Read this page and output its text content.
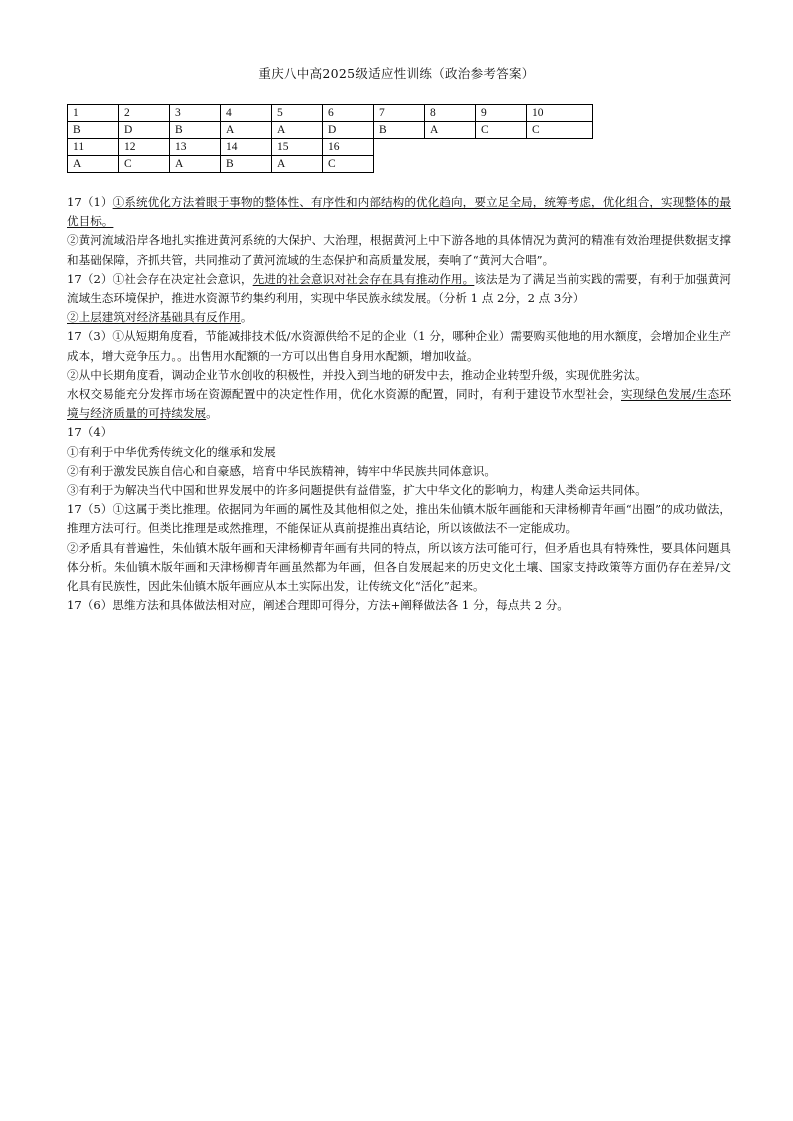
重庆八中高2025级适应性训练（政治参考答案）
1	2	3	4	5	6	7	8	9	10
B	D	B	A	A	D	B	A	C	C
11	12	13	14	15	16				
A	C	A	B	A	C				

17（1）①系统优化方法着眼于事物的整体性、有序性和内部结构的优化趋向，要立足全局，统筹考虑，优化组合，实现整体的最优目标。

②黄河流域沿岸各地扎实推进黄河系统的大保护、大治理，根据黄河上中下游各地的具体情况为黄河的精准有效治理提供数据支撑和基础保障，齐抓共管，共同推动了黄河流域的生态保护和高质量发展，奏响了“黄河大合唱”。

17（2）①社会存在决定社会意识，先进的社会意识对社会存在具有推动作用。该法是为了满足当前实践的需要，有利于加强黄河流域生态环境保护，推进水资源节约集约利用，实现中华民族永续发展。（分析 1 点 2分，2 点 3分）

②上层建筑对经济基础具有反作用。

17（3）①从短期角度看，节能减排技术低/水资源供给不足的企业（1 分，哪种企业）需要购买他地的用水额度，会增加企业生产成本，增大竞争压力。。出售用水配额的一方可以出售自身用水配额，增加收益。

②从中长期角度看，调动企业节水创收的积极性，并投入到当地的研发中去，推动企业转型升级，实现优胜劣汰。

水权交易能充分发挥市场在资源配置中的决定性作用，优化水资源的配置，同时，有利于建设节水型社会，实现绿色发展/生态环境与经济质量的可持续发展。

17（4）

①有利于中华优秀传统文化的继承和发展

②有利于激发民族自信心和自豪感，培育中华民族精神，铸牢中华民族共同体意识。

③有利于为解决当代中国和世界发展中的许多问题提供有益借鉴，扩大中华文化的影响力，构建人类命运共同体。

17（5）①这属于类比推理。依据同为年画的属性及其他相似之处，推出朱仙镇木版年画能和天津杨柳青年画“出圈”的成功做法，推理方法可行。但类比推理是或然推理，不能保证从真前提推出真结论，所以该做法不一定能成功。

②矛盾具有普遍性，朱仙镇木版年画和天津杨柳青年画有共同的特点，所以该方法可能可行，但矛盾也具有特殊性，要具体问题具体分析。朱仙镇木版年画和天津杨柳青年画虽然都为年画，但各自发展起来的历史文化土壤、国家支持政策等方面仍存在差异/文化具有民族性，因此朱仙镇木版年画应从本土实际出发，让传统文化“活化”起来。

17（6）思维方法和具体做法相对应，阐述合理即可得分，方法+阐释做法各 1 分，每点共 2 分。
